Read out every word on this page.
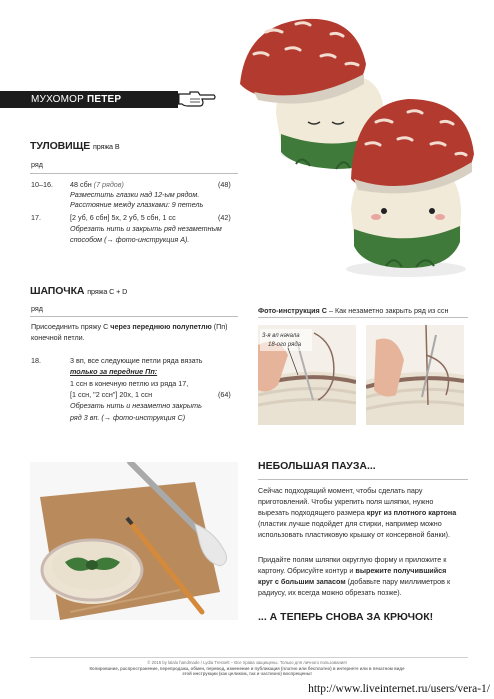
МУХОМОР ПЕТЕР
ТУЛОВИЩЕ пряжа B
ряд
10–16. 48 сбн (7 рядов)	(48)
Разместить глазки над 12-ым рядом.
Расстояние между глазками: 9 петель
17.	[2 уб, 6 сбн] 5х, 2 уб, 5 сбн, 1 сс	(42)
Обрезать нить и закрыть ряд незаметным
способом (→ фото-инструкция А).
ШАПОЧКА пряжа C + D
ряд
Присоединить пряжу С через переднюю полупетлю (Пп)
конечной петли.
18.	3 вп, все следующие петли ряда вязать
только за передние Пп:
1 ссн в конечную петлю из ряда 17,
[1 ссн, "2 ссн"] 20х, 1 ссн	(64)
Обрезать нить и незаметно закрыть
ряд 3 вп. (→ фото-инструкция С)
Фото-инструкция С – Как незаметно закрыть ряд из ссн
3-я вп начала
18-ого ряда
НЕБОЛЬШАЯ ПАУЗА...
Сейчас подходящий момент, чтобы сделать пару
приготовлений. Чтобы укрепить поля шляпки, нужно
вырезать подходящего размера круг из плотного картона
(пластик лучше подойдет для стирки, например можно
использовать пластиковую крышку от консервной банки).
Придайте полям шляпки округлую форму и приложите к
картону. Обрисуйте контур и вырежите получившийся
круг с большим запасом (добавьте пару миллиметров к
радиусу, их всегда можно обрезать позже).
... А ТЕПЕРЬ СНОВА ЗА КРЮЧОК!
© 2015 by lalalu handmade / Lydia Tresselt – Все права защищены. Только для личного пользования!
Копирование, распространение, перепродажа, обмен, перевод, изменение и публикация (платно или бесплатно) в интернете или в печатном виде
этой инструкции (как целиком, так и частично) воспрещены!
http://www.liveinternet.ru/users/vera-1/
